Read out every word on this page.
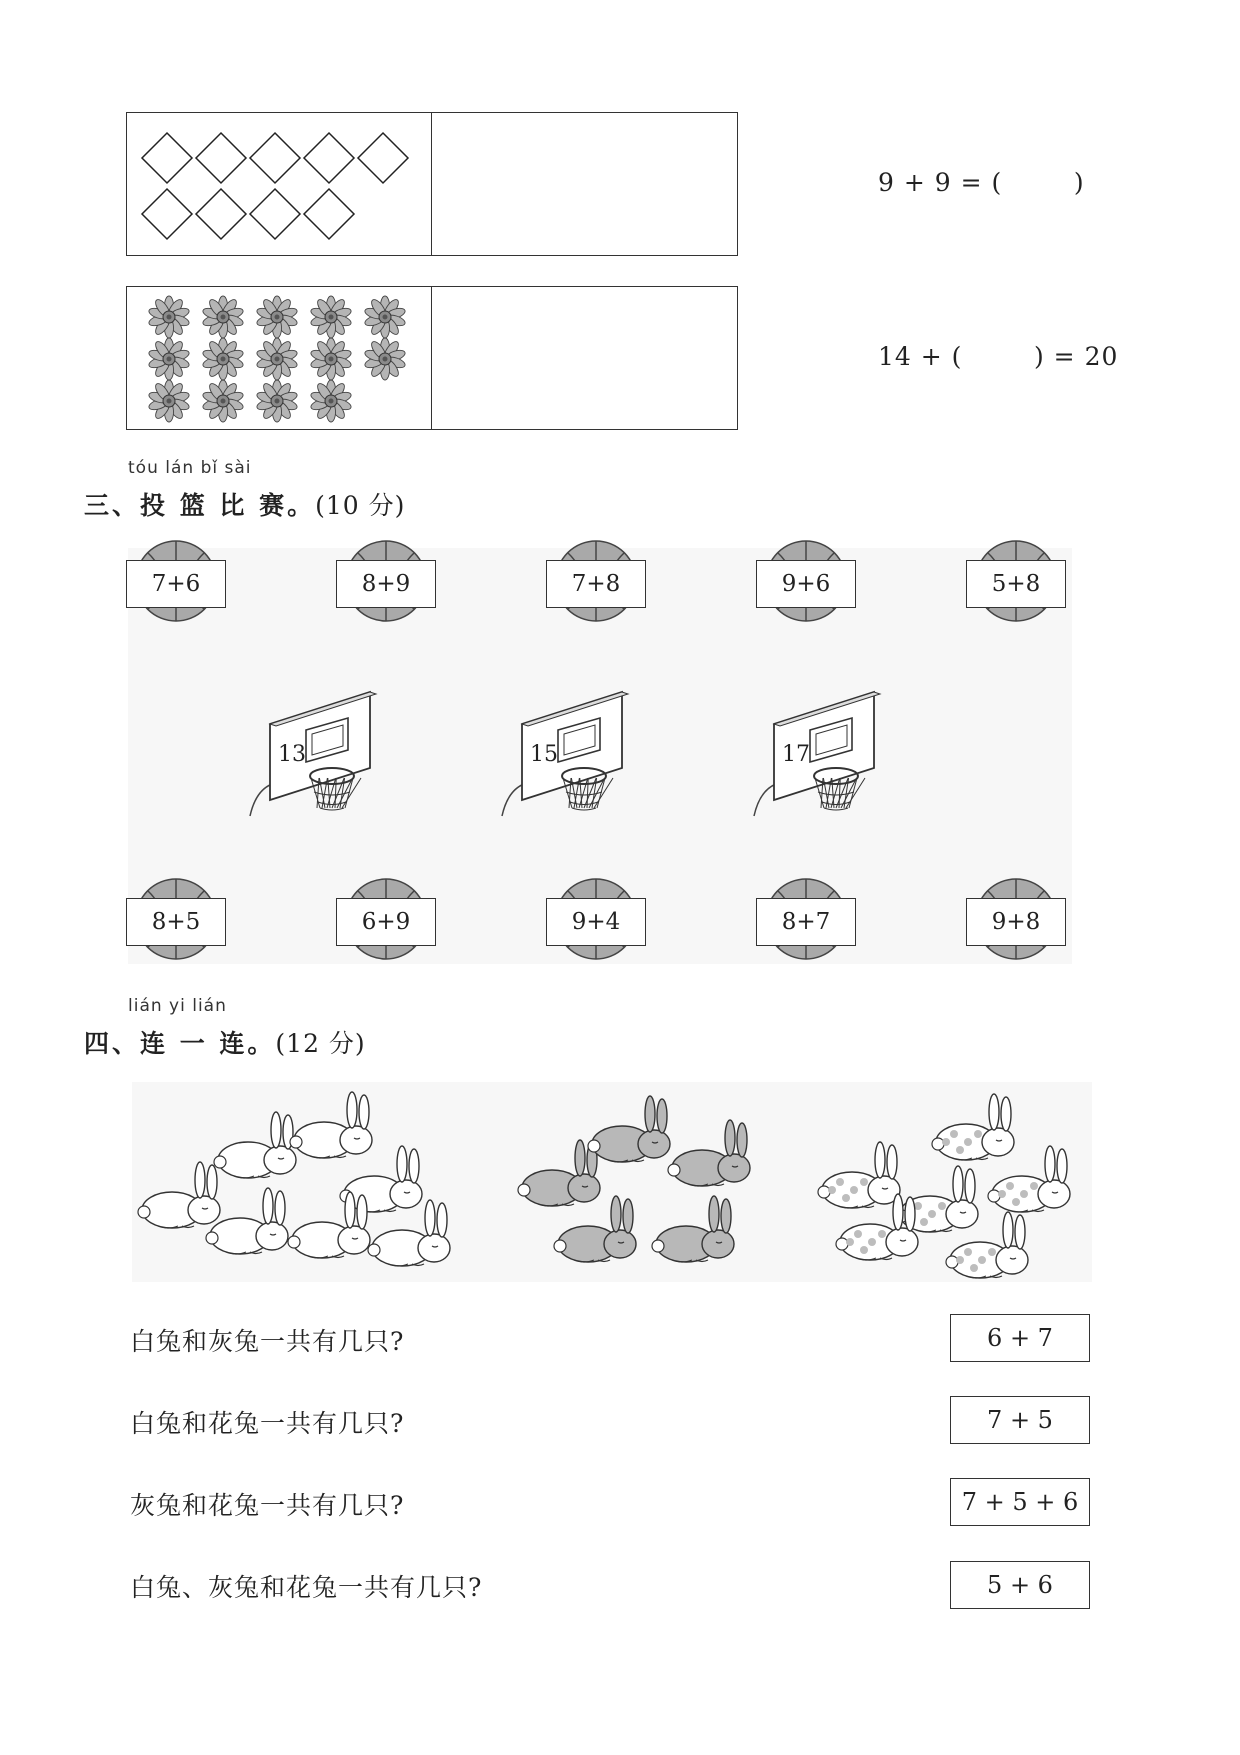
9 + 9 = (        )
14 + (        ) = 20
tóu lán bǐ sài
三、投 篮 比 赛。(10 分)
7+6	8+9	7+8	9+6	5+8
13	15	17
8+5	6+9	9+4	8+7	9+8
lián yi lián
四、连 一 连。(12 分)
白兔和灰兔一共有几只?
白兔和花兔一共有几只?
灰兔和花兔一共有几只?
白兔、灰兔和花兔一共有几只?
6 + 7
7 + 5
7 + 5 + 6
5 + 6
